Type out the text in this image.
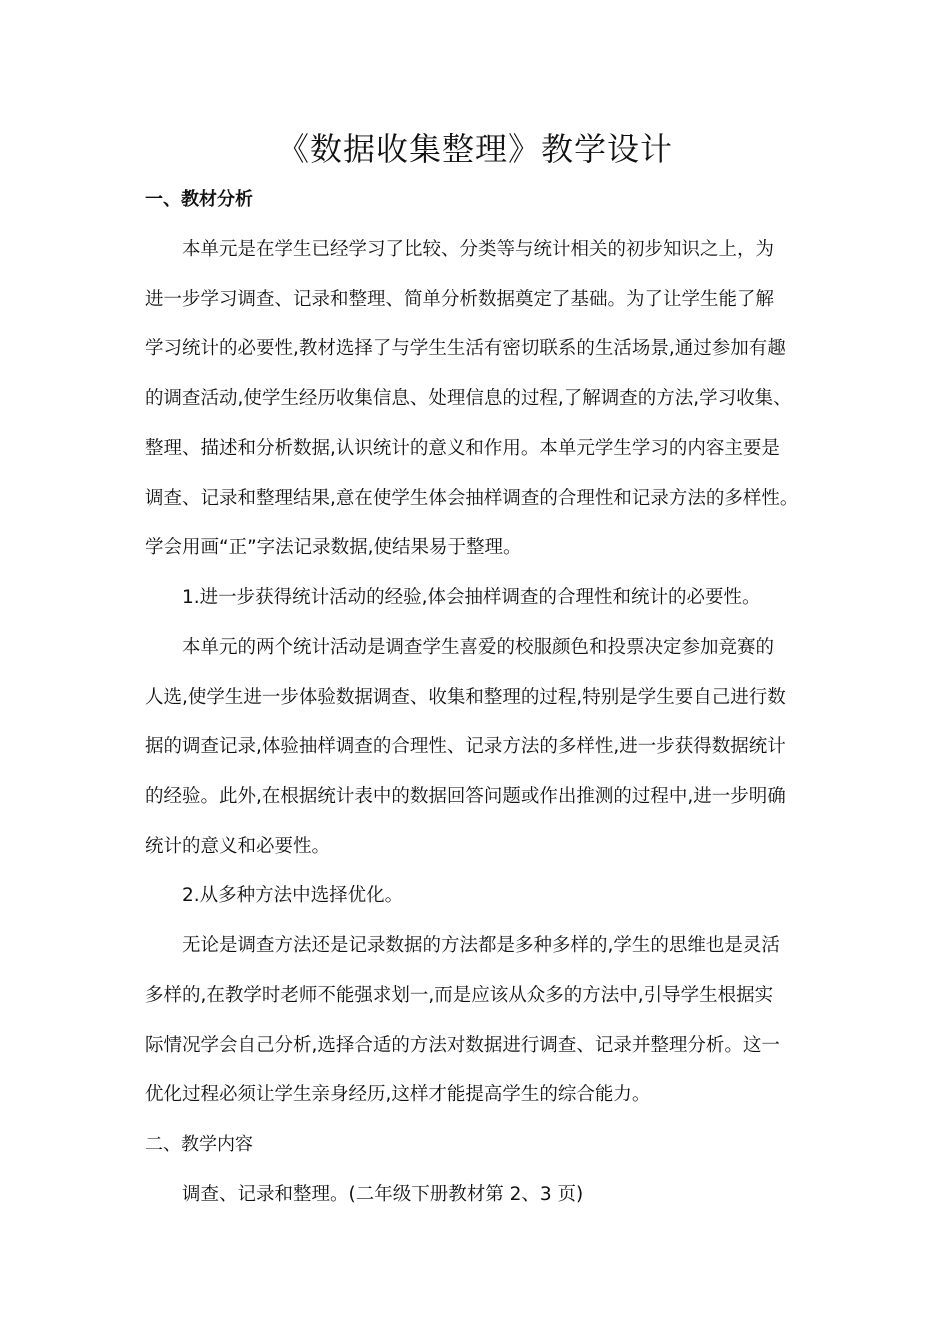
《数据收集整理》教学设计
一、教材分析
本单元是在学生已经学习了比较、分类等与统计相关的初步知识之上，为
进一步学习调查、记录和整理、简单分析数据奠定了基础。为了让学生能了解
学习统计的必要性,教材选择了与学生生活有密切联系的生活场景,通过参加有趣
的调查活动,使学生经历收集信息、处理信息的过程,了解调查的方法,学习收集、
整理、描述和分析数据,认识统计的意义和作用。本单元学生学习的内容主要是
调查、记录和整理结果,意在使学生体会抽样调查的合理性和记录方法的多样性。
学会用画“正”字法记录数据,使结果易于整理。
1.进一步获得统计活动的经验,体会抽样调查的合理性和统计的必要性。
本单元的两个统计活动是调查学生喜爱的校服颜色和投票决定参加竞赛的
人选,使学生进一步体验数据调查、收集和整理的过程,特别是学生要自己进行数
据的调查记录,体验抽样调查的合理性、记录方法的多样性,进一步获得数据统计
的经验。此外,在根据统计表中的数据回答问题或作出推测的过程中,进一步明确
统计的意义和必要性。
2.从多种方法中选择优化。
无论是调查方法还是记录数据的方法都是多种多样的,学生的思维也是灵活
多样的,在教学时老师不能强求划一,而是应该从众多的方法中,引导学生根据实
际情况学会自己分析,选择合适的方法对数据进行调查、记录并整理分析。这一
优化过程必须让学生亲身经历,这样才能提高学生的综合能力。
二、教学内容
调查、记录和整理。(二年级下册教材第 2、3 页)
